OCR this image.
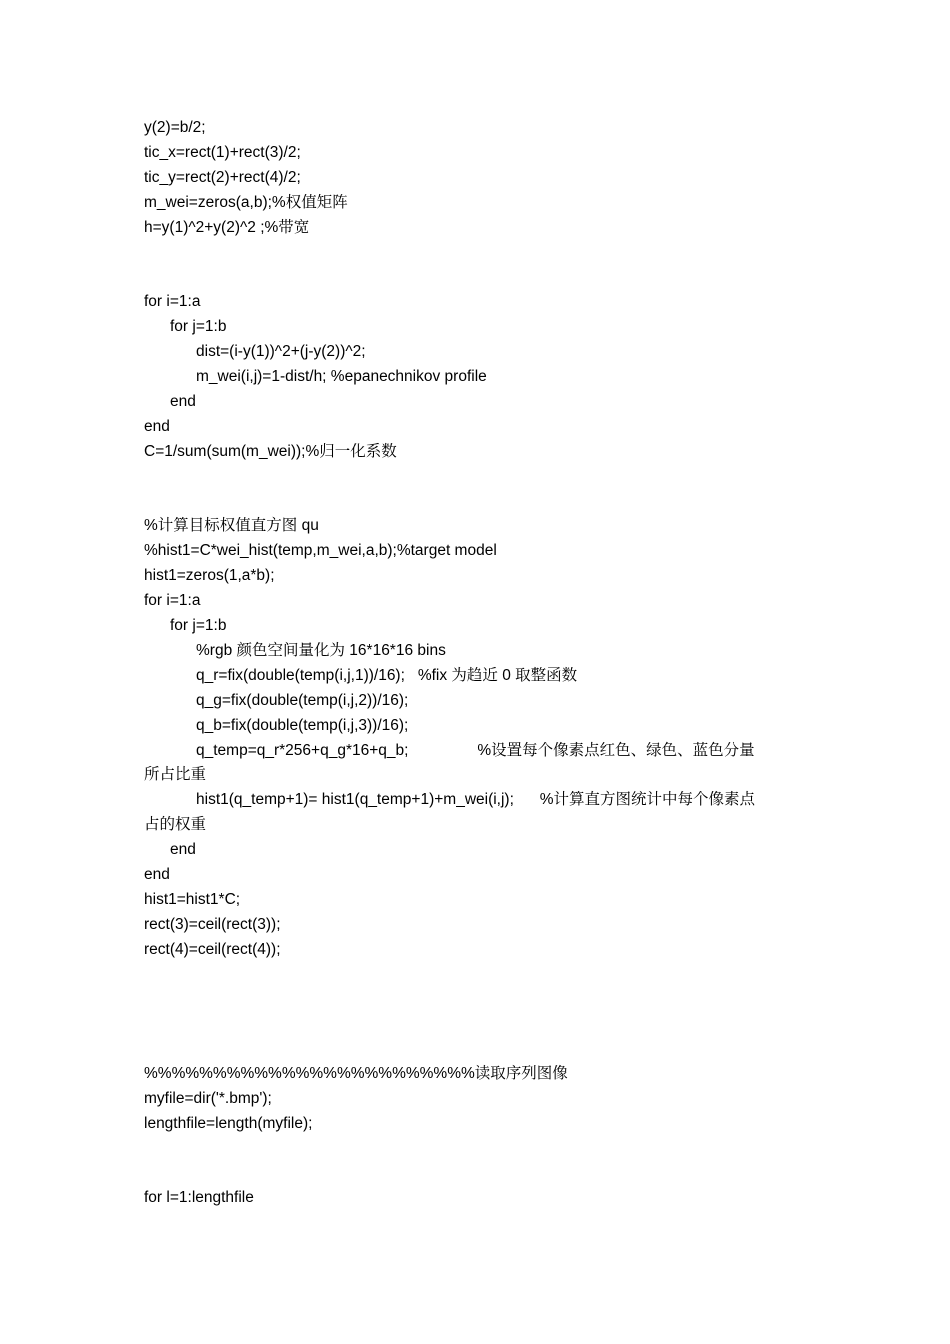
y(2)=b/2;
tic_x=rect(1)+rect(3)/2;
tic_y=rect(2)+rect(4)/2;
m_wei=zeros(a,b);%权值矩阵
h=y(1)^2+y(2)^2 ;%带宽
for i=1:a
for j=1:b
dist=(i-y(1))^2+(j-y(2))^2;
m_wei(i,j)=1-dist/h; %epanechnikov profile
end
end
C=1/sum(sum(m_wei));%归一化系数
%计算目标权值直方图 qu
%hist1=C*wei_hist(temp,m_wei,a,b);%target model
hist1=zeros(1,a*b);
for i=1:a
for j=1:b
%rgb 颜色空间量化为 16*16*16 bins
q_r=fix(double(temp(i,j,1))/16);   %fix 为趋近 0 取整函数
q_g=fix(double(temp(i,j,2))/16);
q_b=fix(double(temp(i,j,3))/16);
q_temp=q_r*256+q_g*16+q_b;                %设置每个像素点红色、绿色、蓝色分量
所占比重
hist1(q_temp+1)= hist1(q_temp+1)+m_wei(i,j);      %计算直方图统计中每个像素点
占的权重
end
end
hist1=hist1*C;
rect(3)=ceil(rect(3));
rect(4)=ceil(rect(4));
%%%%%%%%%%%%%%%%%%%%%%%%读取序列图像
myfile=dir('*.bmp');
lengthfile=length(myfile);
for l=1:lengthfile
